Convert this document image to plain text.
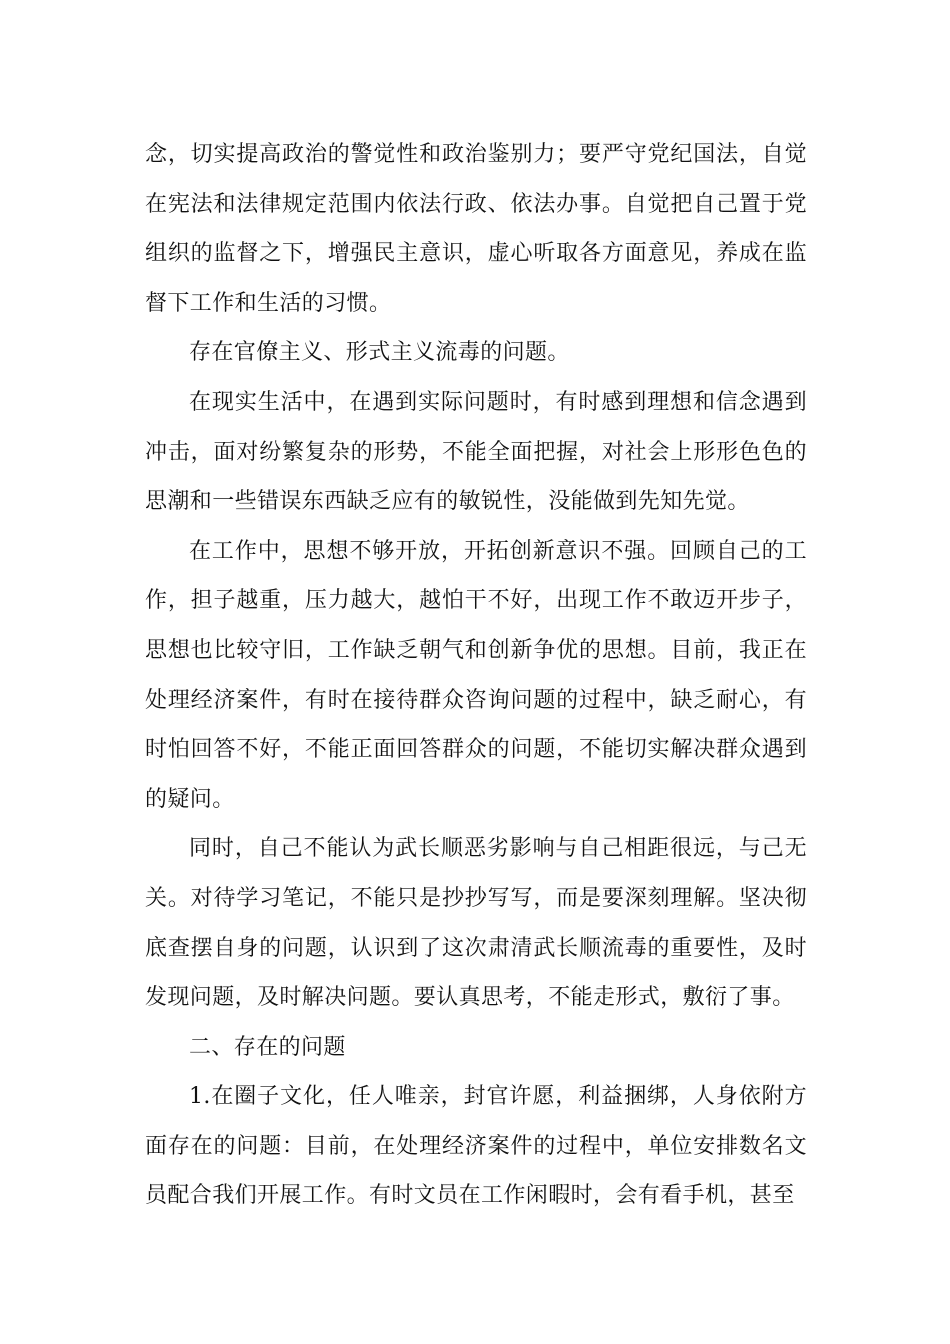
念，切实提高政治的警觉性和政治鉴别力；要严守党纪国法，自觉在宪法和法律规定范围内依法行政、依法办事。自觉把自己置于党组织的监督之下，增强民主意识，虚心听取各方面意见，养成在监督下工作和生活的习惯。

存在官僚主义、形式主义流毒的问题。

在现实生活中，在遇到实际问题时，有时感到理想和信念遇到冲击，面对纷繁复杂的形势，不能全面把握，对社会上形形色色的思潮和一些错误东西缺乏应有的敏锐性，没能做到先知先觉。

在工作中，思想不够开放，开拓创新意识不强。回顾自己的工作，担子越重，压力越大，越怕干不好，出现工作不敢迈开步子，思想也比较守旧，工作缺乏朝气和创新争优的思想。目前，我正在处理经济案件，有时在接待群众咨询问题的过程中，缺乏耐心，有时怕回答不好，不能正面回答群众的问题，不能切实解决群众遇到的疑问。

同时，自己不能认为武长顺恶劣影响与自己相距很远，与己无关。对待学习笔记，不能只是抄抄写写，而是要深刻理解。坚决彻底查摆自身的问题，认识到了这次肃清武长顺流毒的重要性，及时发现问题，及时解决问题。要认真思考，不能走形式，敷衍了事。

二、存在的问题

1.在圈子文化，任人唯亲，封官许愿，利益捆绑，人身依附方面存在的问题：目前，在处理经济案件的过程中，单位安排数名文员配合我们开展工作。有时文员在工作闲暇时，会有看手机，甚至
